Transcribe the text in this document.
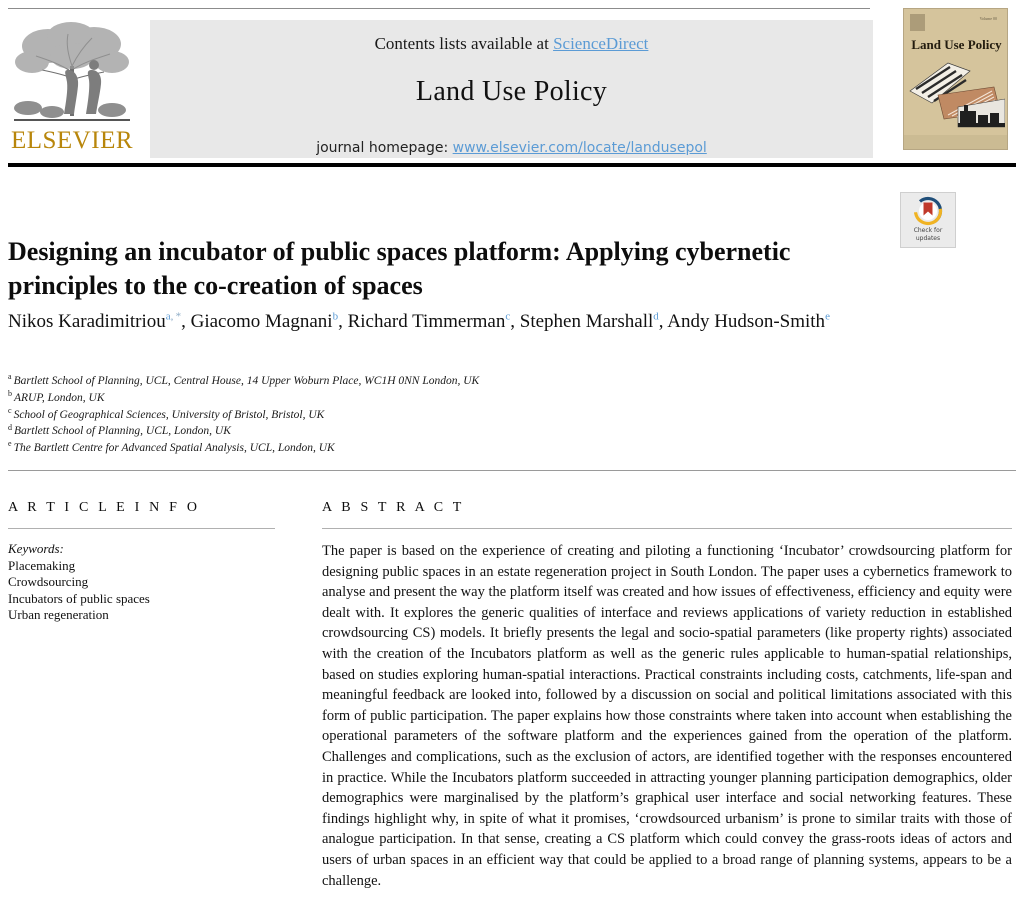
ELSEVIER
Contents lists available at ScienceDirect
Land Use Policy
journal homepage: www.elsevier.com/locate/landusepol
Volume 00
Land Use Policy
Check for
updates
Designing an incubator of public spaces platform: Applying cybernetic principles to the co-creation of spaces
Nikos Karadimitriou$^{a, *}$, Giacomo Magnani$^b$, Richard Timmerman$^c$, Stephen Marshall$^d$, Andy Hudson-Smith$^e$
$^a$ Bartlett School of Planning, UCL, Central House, 14 Upper Woburn Place, WC1H 0NN London, UK
$^b$ ARUP, London, UK
$^c$ School of Geographical Sciences, University of Bristol, Bristol, UK
$^d$ Bartlett School of Planning, UCL, London, UK
$^e$ The Bartlett Centre for Advanced Spatial Analysis, UCL, London, UK
A R T I C L E I N F O
Keywords:
Placemaking
Crowdsourcing
Incubators of public spaces
Urban regeneration
A B S T R A C T

The paper is based on the experience of creating and piloting a functioning ‘Incubator’ crowdsourcing platform for designing public spaces in an estate regeneration project in South London. The paper uses a cybernetics framework to analyse and present the way the platform itself was created and how issues of effectiveness, efficiency and equity were dealt with. It explores the generic qualities of interface and reviews applications of variety reduction in established crowdsourcing CS) models. It briefly presents the legal and socio-spatial parameters (like property rights) associated with the creation of the Incubators platform as well as the generic rules applicable to human-spatial relationships, based on studies exploring human-spatial interactions. Practical constraints including costs, catchments, life-span and meaningful feedback are looked into, followed by a discussion on social and political limitations associated with this form of public participation. The paper explains how those constraints where taken into account when establishing the operational parameters of the software platform and the experiences gained from the operation of the platform. Challenges and complications, such as the exclusion of actors, are identified together with the responses encountered in practice. While the Incubators platform succeeded in attracting younger planning participation demographics, older demographics were marginalised by the platform’s graphical user interface and social networking features. These findings highlight why, in spite of what it promises, ‘crowdsourced urbanism’ is prone to similar traits with those of analogue participation. In that sense, creating a CS platform which could convey the grass-roots ideas of actors and users of urban spaces in an efficient way that could be applied to a broad range of planning systems, appears to be a challenge.
